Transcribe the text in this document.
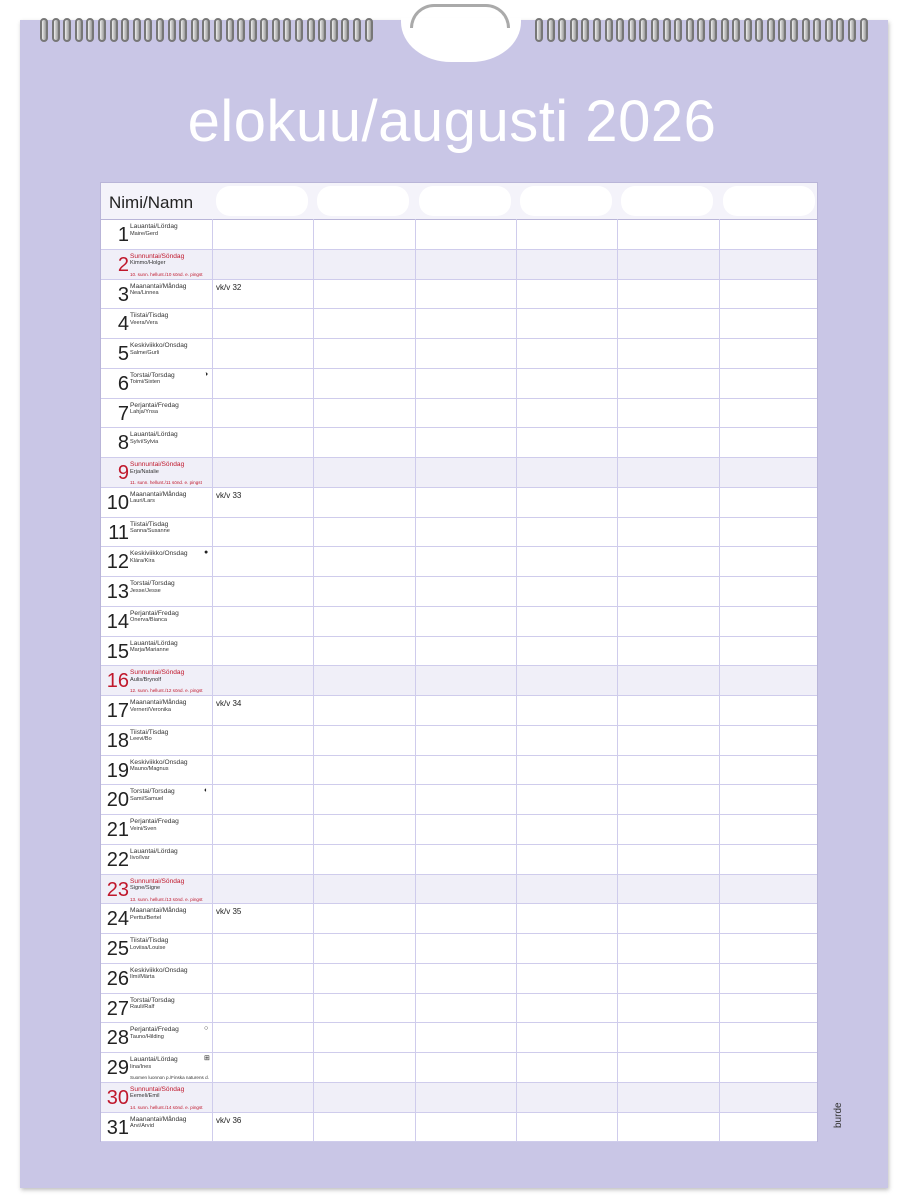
elokuu/augusti 2026
Nimi/Namn
1 Lauantai/Lördag
Maire/Gerd
2 Sunnuntai/Söndag
Kimmo/Holger
10. sunn. hellunt./10 sönd. e. pingst
3 Maanantai/Måndag
Nea/Linnea
vk/v 32
4 Tiistai/Tisdag
Veera/Vera
5 Keskiviikko/Onsdag
Salme/Gurli
6 Torstai/Torsdag
Toimi/Sixten
◑
7 Perjantai/Fredag
Lahja/Ynsa
8 Lauantai/Lördag
Sylvi/Sylvia
9 Sunnuntai/Söndag
Erja/Natalie
11. sunn. hellunt./11 sönd. e. pingst
10 Maanantai/Måndag
Lauri/Lars
vk/v 33
11 Tiistai/Tisdag
Sanna/Susanne
12 Keskiviikko/Onsdag
Klára/Kira
●
13 Torstai/Torsdag
Jesse/Jesse
14 Perjantai/Fredag
Onerva/Bianca
15 Lauantai/Lördag
Marja/Marianne
16 Sunnuntai/Söndag
Aulis/Brynolf
12. sunn. hellunt./12 sönd. e. pingst
17 Maanantai/Måndag
Verneri/Veronika
vk/v 34
18 Tiistai/Tisdag
Leevi/Bo
19 Keskiviikko/Onsdag
Mauno/Magnus
20 Torstai/Torsdag
Sami/Samuel
◐
21 Perjantai/Fredag
Veini/Sven
22 Lauantai/Lördag
Iivo/Ivar
23 Sunnuntai/Söndag
Signe/Signe
13. sunn. hellunt./13 sönd. e. pingst
24 Maanantai/Måndag
Perttu/Bertel
vk/v 35
25 Tiistai/Tisdag
Loviisa/Louise
26 Keskiviikko/Onsdag
Ilmi/Märta
27 Torstai/Torsdag
Rauli/Ralf
28 Perjantai/Fredag
Tauno/Hilding
○
29 Lauantai/Lördag
Iina/Ines
Suomen luonnon p./Finska naturens d.
⊞
30 Sunnuntai/Söndag
Eemeli/Emil
14. sunn. hellunt./14 sönd. e. pingst
31 Maanantai/Måndag
Arvi/Arvid
vk/v 36	burde
